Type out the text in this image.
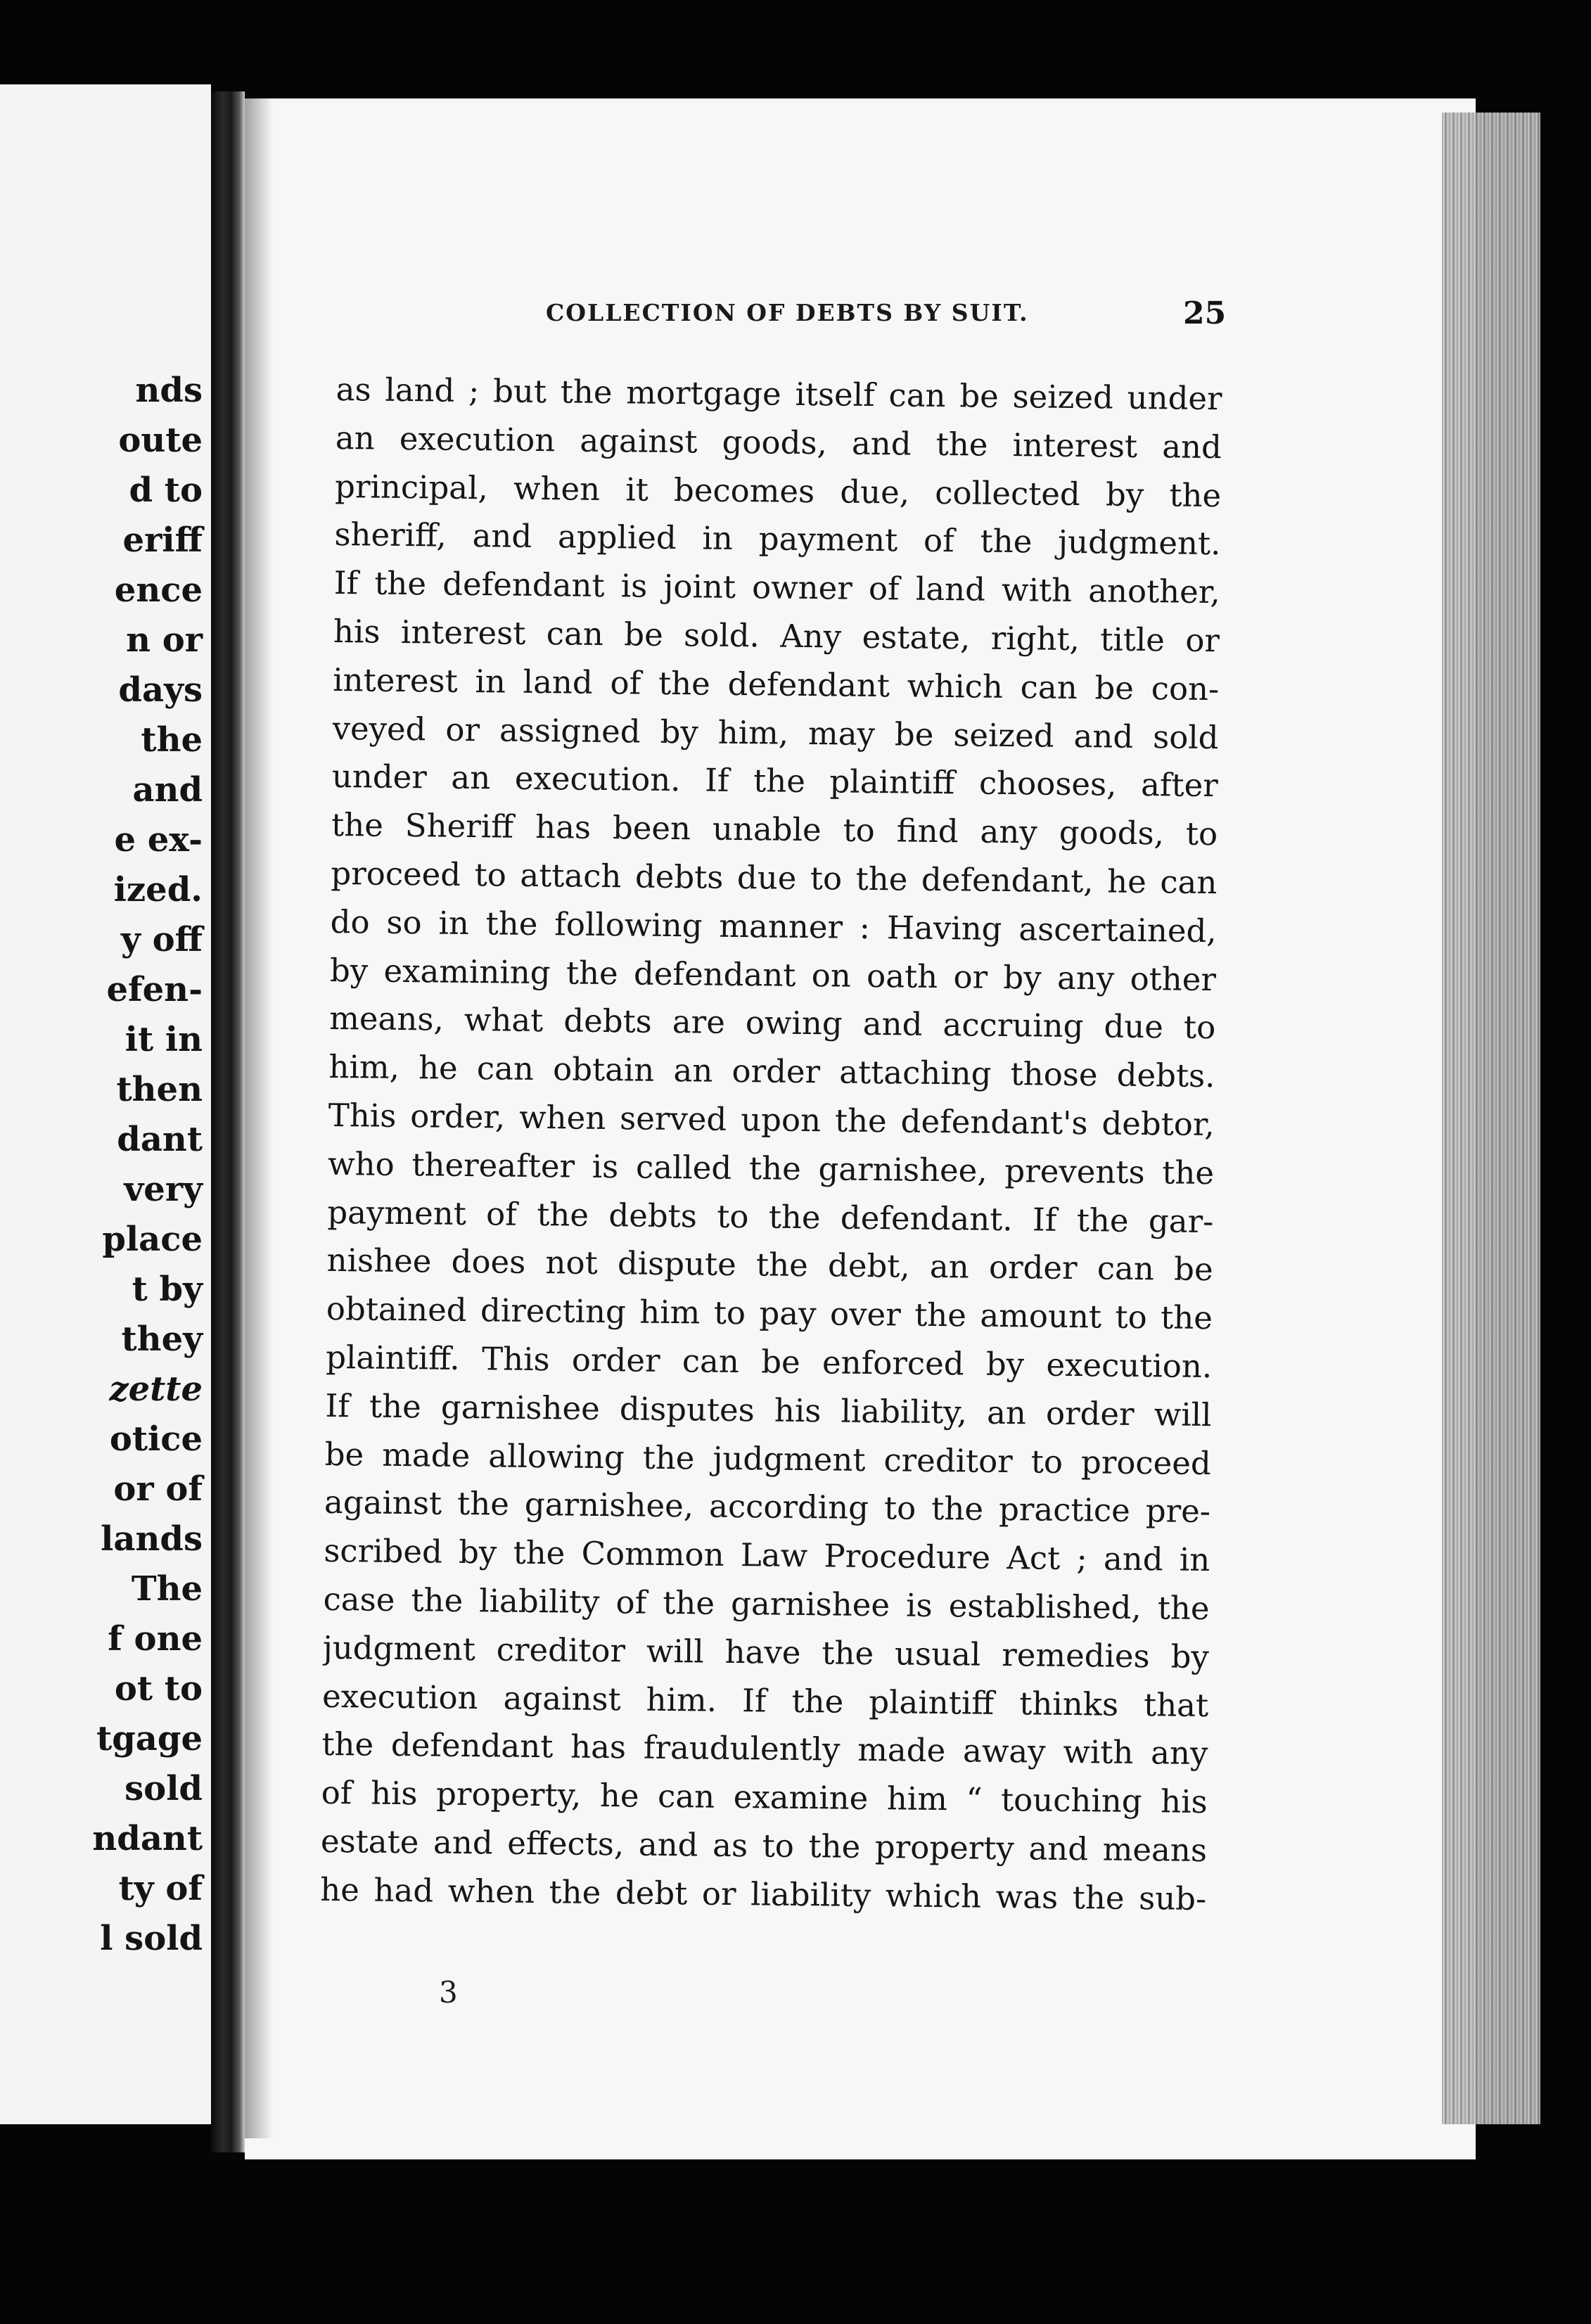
nds
oute
d to
eriff
ence
n or
days
the
and
e ex-
ized.
y off
efen-
it in
then
dant
very
place
t by
they
zette
otice
or of
lands
The
f one
ot to
tgage
sold
ndant
ty of
l sold
COLLECTION OF DEBTS BY SUIT.	25
as land ; but the mortgage itself can be seized under
an execution against goods, and the interest and
principal, when it becomes due, collected by the
sheriff, and applied in payment of the judgment.
If the defendant is joint owner of land with another,
his interest can be sold. Any estate, right, title or
interest in land of the defendant which can be con-
veyed or assigned by him, may be seized and sold
under an execution. If the plaintiff chooses, after
the Sheriff has been unable to find any goods, to
proceed to attach debts due to the defendant, he can
do so in the following manner : Having ascertained,
by examining the defendant on oath or by any other
means, what debts are owing and accruing due to
him, he can obtain an order attaching those debts.
This order, when served upon the defendant's debtor,
who thereafter is called the garnishee, prevents the
payment of the debts to the defendant. If the gar-
nishee does not dispute the debt, an order can be
obtained directing him to pay over the amount to the
plaintiff. This order can be enforced by execution.
If the garnishee disputes his liability, an order will
be made allowing the judgment creditor to proceed
against the garnishee, according to the practice pre-
scribed by the Common Law Procedure Act ; and in
case the liability of the garnishee is established, the
judgment creditor will have the usual remedies by
execution against him. If the plaintiff thinks that
the defendant has fraudulently made away with any
of his property, he can examine him “ touching his
estate and effects, and as to the property and means
he had when the debt or liability which was the sub-
3
